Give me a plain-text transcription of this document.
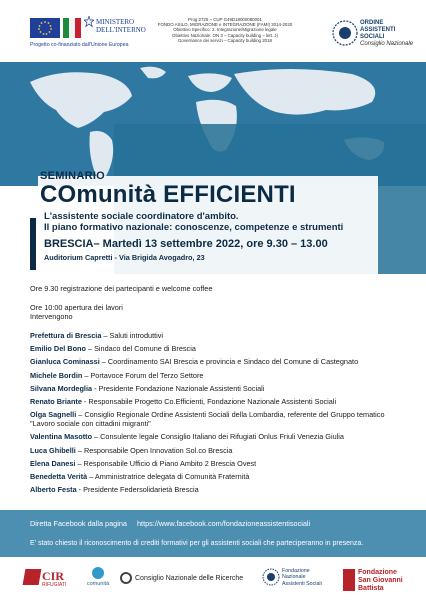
MINISTERO
DELL'INTERNO
Progetto co-finanziato dall'Unione Europea
Prog:2725 – CUP G49D18000080001
FONDO ASILO, MIGRAZIONE e INTEGRAZIONE (FAMI) 2014-2020
Obiettivo Specifico: 2. Integrazione/Migrazione legale
Obiettivo Nazionale: ON 3 – Capacity building – lett. J)
Governance dei servizi – Capacity building 2018
ORDINE
ASSISTENTI
SOCIALI
Consiglio Nazionale
SEMINARIO
COmunità EFFICIENTI
L'assistente sociale coordinatore d'ambito.
Il piano formativo nazionale: conoscenze, competenze e strumenti
BRESCIA– Martedì 13 settembre 2022, ore 9.30 – 13.00
Auditorium Capretti - Via Brigida Avogadro, 23

Ore 9.30 registrazione dei partecipanti e welcome coffee

Ore 10:00 apertura dei lavori

Intervengono

Prefettura di Brescia – Saluti introduttivi

Emilio Del Bono – Sindaco del Comune di Brescia

Gianluca Cominassi – Coordinamento SAI Brescia e provincia e Sindaco del Comune di Castegnato

Michele Bordin – Portavoce Forum del Terzo Settore

Silvana Mordeglia - Presidente Fondazione Nazionale Assistenti Sociali

Renato Briante - Responsabile Progetto Co.Efficienti, Fondazione Nazionale Assistenti Sociali

Olga Sagnelli – Consiglio Regionale Ordine Assistenti Sociali della Lombardia, referente del Gruppo tematico "Lavoro sociale con cittadini migranti"

Valentina Masotto – Consulente legale Consiglio Italiano dei Rifugiati Onlus Friuli Venezia Giulia

Luca Ghibelli – Responsabile Open Innovation Sol.co Brescia

Elena Danesi – Responsabile Ufficio di Piano Ambito 2 Brescia Ovest

Benedetta Verità – Amministratrice delegata di Comunità Fraternità

Alberto Festa - Presidente Federsolidarietà Brescia

Diretta Facebook dalla pagina https://www.facebook.com/fondazioneassistentisociali
E' stato chiesto il riconoscimento di crediti formativi per gli assistenti sociali che parteciperanno in presenza.
CIR
RIFUGIATI	comunità
Consiglio Nazionale delle Ricerche
Fondazione
Nazionale
Assistenti Sociali
Fondazione
San Giovanni
Battista
